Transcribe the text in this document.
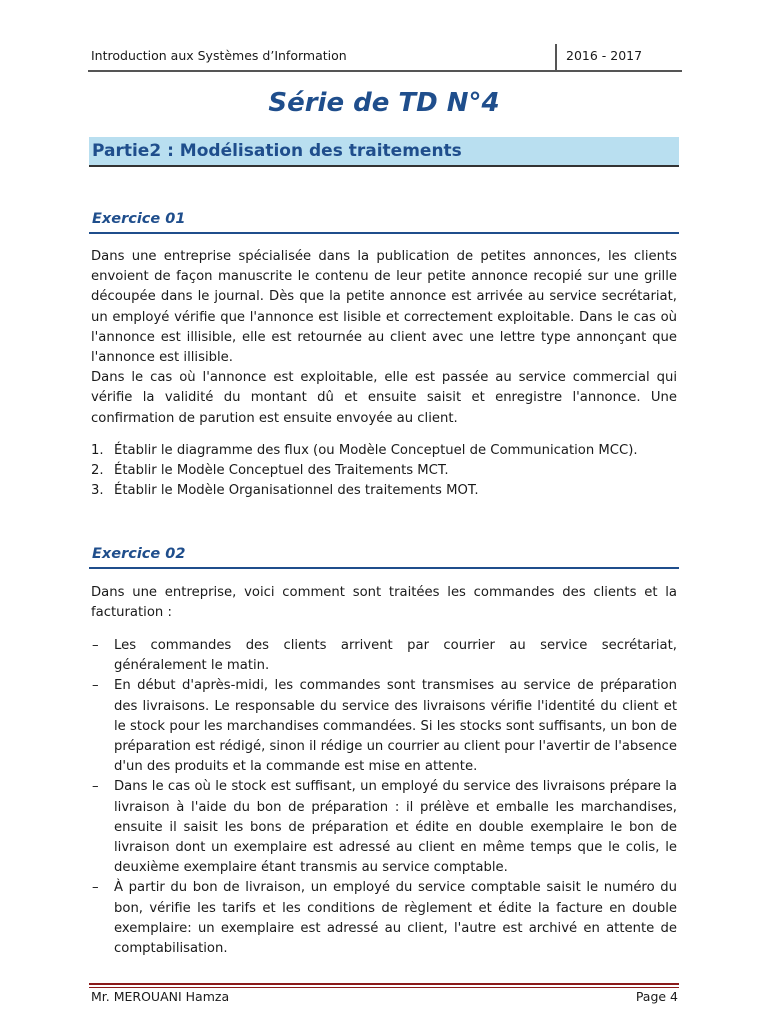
Introduction aux Systèmes d’Information	2016 - 2017
Série de TD N°4
Partie2 : Modélisation des traitements
Exercice 01

Dans une entreprise spécialisée dans la publication de petites annonces, les clients envoient de façon manuscrite le contenu de leur petite annonce recopié sur une grille découpée dans le journal. Dès que la petite annonce est arrivée au service secrétariat, un employé vérifie que l'annonce est lisible et correctement exploitable. Dans le cas où l'annonce est illisible, elle est retournée au client avec une lettre type annonçant que l'annonce est illisible.

Dans le cas où l'annonce est exploitable, elle est passée au service commercial qui vérifie la validité du montant dû et ensuite saisit et enregistre l'annonce. Une confirmation de parution est ensuite envoyée au client.

1. Établir le diagramme des flux (ou Modèle Conceptuel de Communication MCC).
2. Établir le Modèle Conceptuel des Traitements MCT.
3. Établir le Modèle Organisationnel des traitements MOT.
Exercice 02

Dans une entreprise, voici comment sont traitées les commandes des clients et la facturation :

– Les commandes des clients arrivent par courrier au service secrétariat, généralement le matin.
– En début d'après-midi, les commandes sont transmises au service de préparation des livraisons. Le responsable du service des livraisons vérifie l'identité du client et le stock pour les marchandises commandées. Si les stocks sont suffisants, un bon de préparation est rédigé, sinon il rédige un courrier au client pour l'avertir de l'absence d'un des produits et la commande est mise en attente.
– Dans le cas où le stock est suffisant, un employé du service des livraisons prépare la livraison à l'aide du bon de préparation : il prélève et emballe les marchandises, ensuite il saisit les bons de préparation et édite en double exemplaire le bon de livraison dont un exemplaire est adressé au client en même temps que le colis, le deuxième exemplaire étant transmis au service comptable.
– À partir du bon de livraison, un employé du service comptable saisit le numéro du bon, vérifie les tarifs et les conditions de règlement et édite la facture en double exemplaire: un exemplaire est adressé au client, l'autre est archivé en attente de comptabilisation.
Mr. MEROUANI Hamza	Page 4
